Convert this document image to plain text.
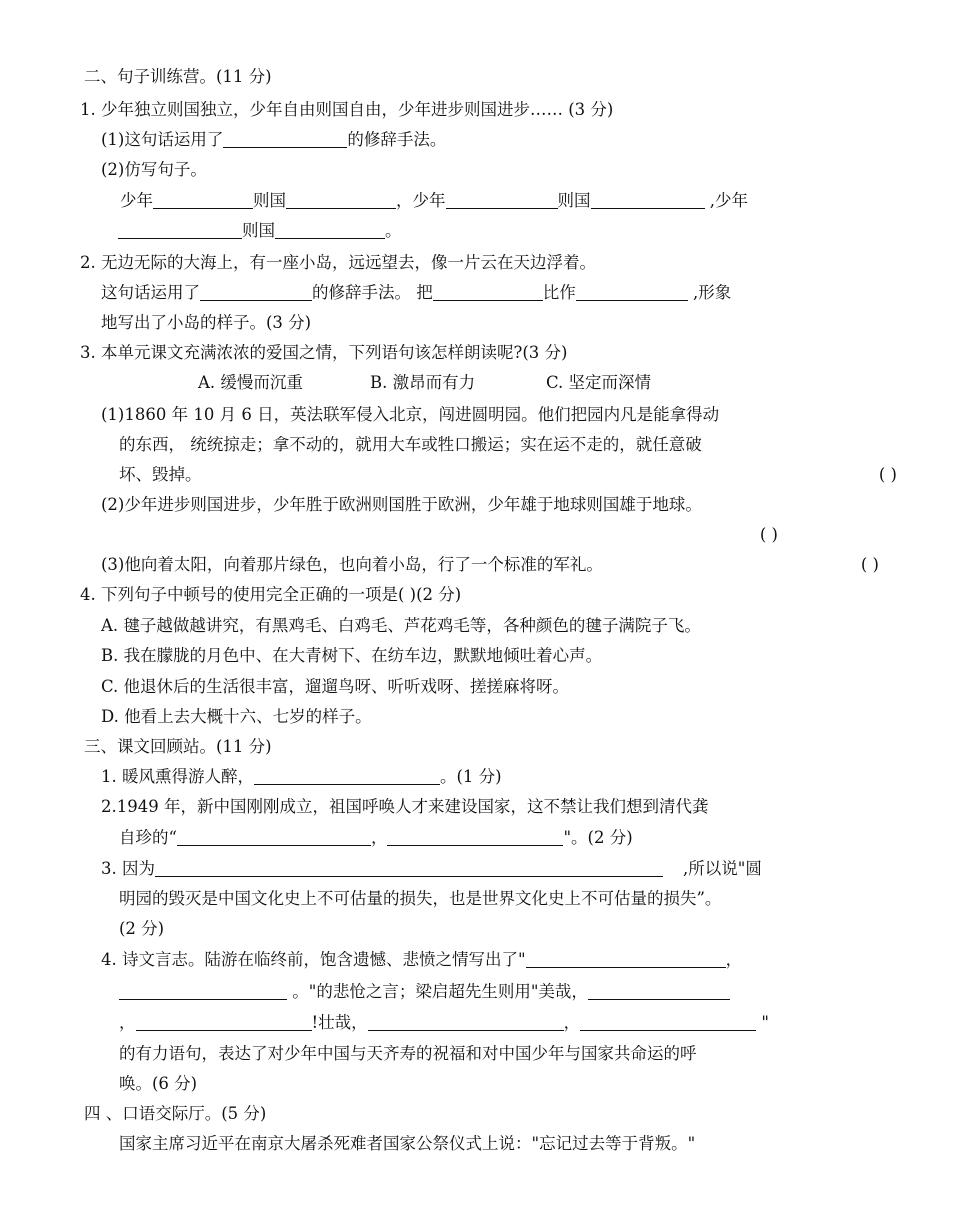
二、句子训练营。(11 分)
1. 少年独立则国独立，少年自由则国自由，少年进步则国进步…… (3 分)
(1)这句话运用了	的修辞手法。
(2)仿写句子。
少年	则国	，少年	则国	,少年
则国	。
2. 无边无际的大海上，有一座小岛，远远望去，像一片云在天边浮着。
这句话运用了	的修辞手法。 把	比作	,形象
地写出了小岛的样子。(3 分)
3. 本单元课文充满浓浓的爱国之情，下列语句该怎样朗读呢?(3 分)
A. 缓慢而沉重	B. 激昂而有力	C. 坚定而深情
(1)1860 年 10 月 6 日，英法联军侵入北京，闯进圆明园。他们把园内凡是能拿得动
的东西， 统统掠走；拿不动的，就用大车或牲口搬运；实在运不走的，就任意破
坏、毁掉。	( )
(2)少年进步则国进步，少年胜于欧洲则国胜于欧洲，少年雄于地球则国雄于地球。
( )
(3)他向着太阳，向着那片绿色，也向着小岛，行了一个标准的军礼。	( )
4. 下列句子中顿号的使用完全正确的一项是( )(2 分)
A. 毽子越做越讲究，有黑鸡毛、白鸡毛、芦花鸡毛等，各种颜色的毽子满院子飞。
B. 我在朦胧的月色中、在大青树下、在纺车边，默默地倾吐着心声。
C. 他退休后的生活很丰富，遛遛鸟呀、听听戏呀、搓搓麻将呀。
D. 他看上去大概十六、七岁的样子。
三、课文回顾站。(11 分)
1. 暖风熏得游人醉，	。(1 分)
2.1949 年，新中国刚刚成立，祖国呼唤人才来建设国家，这不禁让我们想到清代龚
自珍的“	，	"。(2 分)
3. 因为	,所以说"圆
明园的毁灭是中国文化史上不可估量的损失，也是世界文化史上不可估量的损失”。
(2 分)
4. 诗文言志。陆游在临终前，饱含遗憾、悲愤之情写出了"	，
。"的悲怆之言；梁启超先生则用"美哉，
，	!壮哉，	，	"
的有力语句，表达了对少年中国与天齐寿的祝福和对中国少年与国家共命运的呼
唤。(6 分)
四 、口语交际厅。(5 分)
国家主席习近平在南京大屠杀死难者国家公祭仪式上说："忘记过去等于背叛。"
